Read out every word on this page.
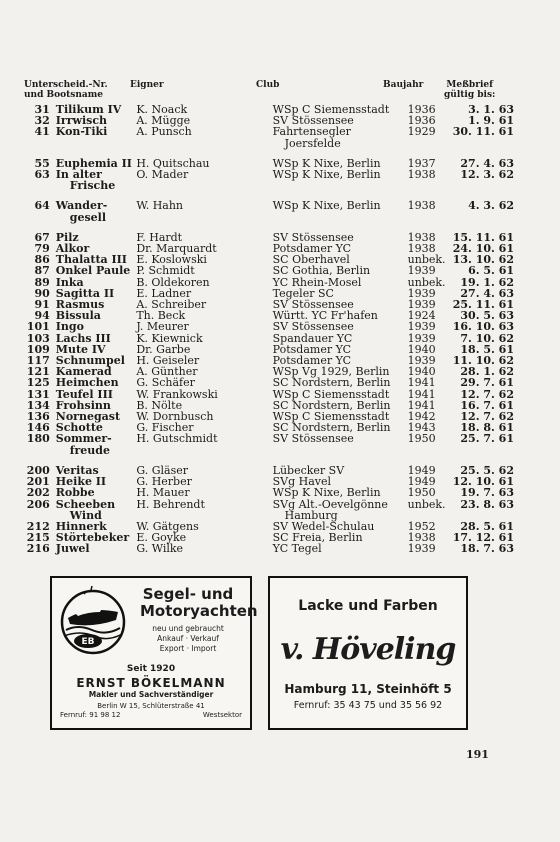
Unterscheid.-Nr.
und Bootsname
Eigner	Club	Baujahr	Meßbrief
gültig bis:
31	Tilikum IV	K. Noack	WSp C Siemensstadt	1936	3. 1. 63
32	Irrwisch	A. Mügge	SV Stössensee	1936	1. 9. 61
41	Kon-Tiki	A. Punsch	Fahrtensegler
Joersfelde	1929	30. 11. 61
55	Euphemia II	H. Quitschau	WSp K Nixe, Berlin	1937	27. 4. 63
63	In alter
Frische	O. Mader	WSp K Nixe, Berlin	1938	12. 3. 62
64	Wander-
gesell	W. Hahn	WSp K Nixe, Berlin	1938	4. 3. 62
67	Pilz	F. Hardt	SV Stössensee	1938	15. 11. 61
79	Alkor	Dr. Marquardt	Potsdamer YC	1938	24. 10. 61
86	Thalatta III	E. Koslowski	SC Oberhavel	unbek.	13. 10. 62
87	Onkel Paule	P. Schmidt	SC Gothia, Berlin	1939	6. 5. 61
89	Inka	B. Oldekoren	YC Rhein-Mosel	unbek.	19. 1. 62
90	Sagitta II	E. Ladner	Tegeler SC	1939	27. 4. 63
91	Rasmus	A. Schreiber	SV Stössensee	1939	25. 11. 61
94	Bissula	Th. Beck	Württ. YC Fr'hafen	1924	30. 5. 63
101	Ingo	J. Meurer	SV Stössensee	1939	16. 10. 63
103	Lachs III	K. Kiewnick	Spandauer YC	1939	7. 10. 62
109	Mute IV	Dr. Garbe	Potsdamer YC	1940	18. 5. 61
117	Schnumpel	H. Geiseler	Potsdamer YC	1939	11. 10. 62
121	Kamerad	A. Günther	WSp Vg 1929, Berlin	1940	28. 1. 62
125	Heimchen	G. Schäfer	SC Nordstern, Berlin	1941	29. 7. 61
131	Teufel III	W. Frankowski	WSp C Siemensstadt	1941	12. 7. 62
134	Frohsinn	B. Nölte	SC Nordstern, Berlin	1941	16. 7. 61
136	Nornegast	W. Dornbusch	WSp C Siemensstadt	1942	12. 7. 62
146	Schotte	G. Fischer	SC Nordstern, Berlin	1943	18. 8. 61
180	Sommer-
freude	H. Gutschmidt	SV Stössensee	1950	25. 7. 61
200	Veritas	G. Gläser	Lübecker SV	1949	25. 5. 62
201	Heike II	G. Herber	SVg Havel	1949	12. 10. 61
202	Robbe	H. Mauer	WSp K Nixe, Berlin	1950	19. 7. 63
206	Scheeben
Wind	H. Behrendt	SVg Alt.-Oevelgönne
Hamburg	unbek.	23. 8. 63
212	Hinnerk	W. Gätgens	SV Wedel-Schulau	1952	28. 5. 61
215	Störtebeker	E. Goyke	SC Freia, Berlin	1938	17. 12. 61
216	Juwel	G. Wilke	YC Tegel	1939	18. 7. 63
EB
Segel- und
Motoryachten
neu und gebraucht
Ankauf · Verkauf
Export · Import
Seit 1920
ERNST BÖKELMANN
Makler und Sachverständiger
Berlin W 15, Schlüterstraße 41
Fernruf: 91 98 12	Westsektor
Lacke und Farben
v. Höveling
Hamburg 11, Steinhöft 5
Fernruf: 35 43 75 und 35 56 92
191
